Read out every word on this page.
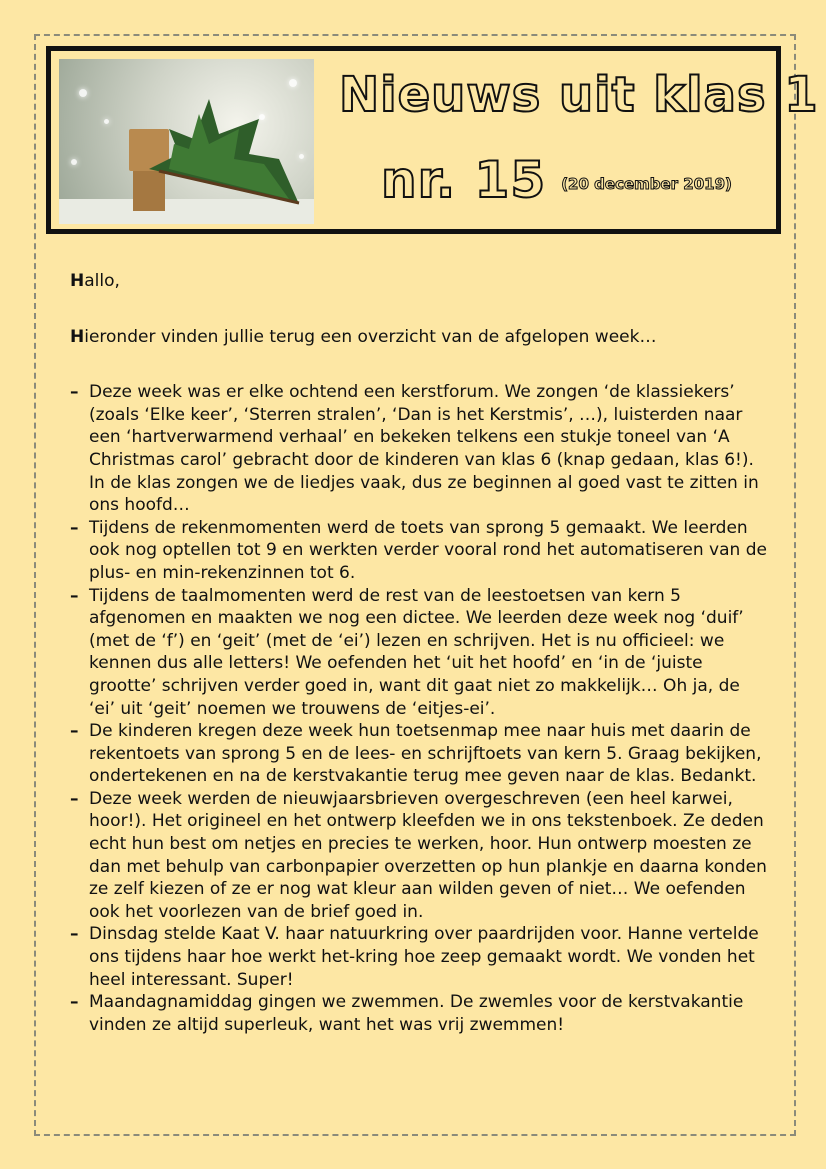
Nieuws uit klas 1
nr. 15 (20 december 2019)

Hallo,

Hieronder vinden jullie terug een overzicht van de afgelopen week…

– Deze week was er elke ochtend een kerstforum. We zongen ‘de klassiekers’ (zoals ‘Elke keer’, ‘Sterren stralen’, ‘Dan is het Kerstmis’, …), luisterden naar een ‘hartverwarmend verhaal’ en bekeken telkens een stukje toneel van ‘A Christmas carol’ gebracht door de kinderen van klas 6 (knap gedaan, klas 6!). In de klas zongen we de liedjes vaak, dus ze beginnen al goed vast te zitten in ons hoofd…
– Tijdens de rekenmomenten werd de toets van sprong 5 gemaakt. We leerden ook nog optellen tot 9 en werkten verder vooral rond het automatiseren van de plus- en min-rekenzinnen tot 6.
– Tijdens de taalmomenten werd de rest van de leestoetsen van kern 5 afgenomen en maakten we nog een dictee. We leerden deze week nog ‘duif’ (met de ‘f’) en ‘geit’ (met de ‘ei’) lezen en schrijven. Het is nu officieel: we kennen dus alle letters! We oefenden het ‘uit het hoofd’ en ‘in de ‘juiste grootte’ schrijven verder goed in, want dit gaat niet zo makkelijk… Oh ja, de ‘ei’ uit ‘geit’ noemen we trouwens de ‘eitjes-ei’.
– De kinderen kregen deze week hun toetsenmap mee naar huis met daarin de rekentoets van sprong 5 en de lees- en schrijftoets van kern 5. Graag bekijken, ondertekenen en na de kerstvakantie terug mee geven naar de klas. Bedankt.
– Deze week werden de nieuwjaarsbrieven overgeschreven (een heel karwei, hoor!). Het origineel en het ontwerp kleefden we in ons tekstenboek. Ze deden echt hun best om netjes en precies te werken, hoor. Hun ontwerp moesten ze dan met behulp van carbonpapier overzetten op hun plankje en daarna konden ze zelf kiezen of ze er nog wat kleur aan wilden geven of niet… We oefenden ook het voorlezen van de brief goed in.
– Dinsdag stelde Kaat V. haar natuurkring over paardrijden voor. Hanne vertelde ons tijdens haar hoe werkt het-kring hoe zeep gemaakt wordt. We vonden het heel interessant. Super!
– Maandagnamiddag gingen we zwemmen. De zwemles voor de kerstvakantie vinden ze altijd superleuk, want het was vrij zwemmen!
